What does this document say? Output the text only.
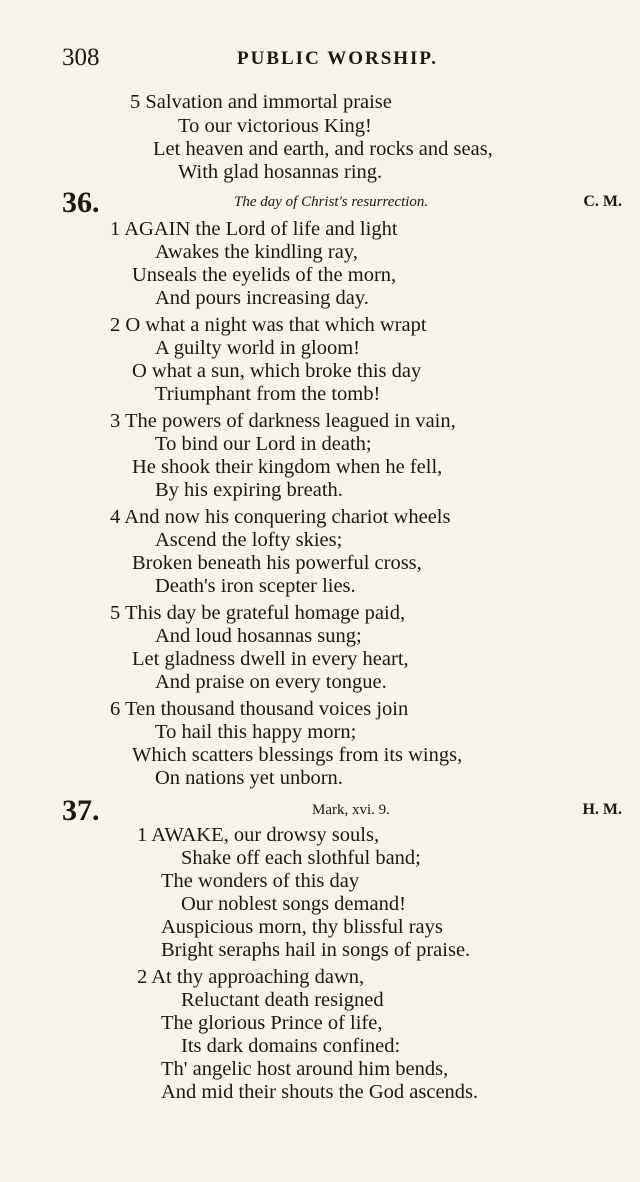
308	PUBLIC WORSHIP.
5 Salvation and immortal praise
To our victorious King!
Let heaven and earth, and rocks and seas,
With glad hosannas ring.
36.	The day of Christ's resurrection.	C. M.
1 AGAIN the Lord of life and light
Awakes the kindling ray,
Unseals the eyelids of the morn,
And pours increasing day.
2 O what a night was that which wrapt
A guilty world in gloom!
O what a sun, which broke this day
Triumphant from the tomb!
3 The powers of darkness leagued in vain,
To bind our Lord in death;
He shook their kingdom when he fell,
By his expiring breath.
4 And now his conquering chariot wheels
Ascend the lofty skies;
Broken beneath his powerful cross,
Death's iron scepter lies.
5 This day be grateful homage paid,
And loud hosannas sung;
Let gladness dwell in every heart,
And praise on every tongue.
6 Ten thousand thousand voices join
To hail this happy morn;
Which scatters blessings from its wings,
On nations yet unborn.
37.	Mark, xvi. 9.	H. M.
1 AWAKE, our drowsy souls,
Shake off each slothful band;
The wonders of this day
Our noblest songs demand!
Auspicious morn, thy blissful rays
Bright seraphs hail in songs of praise.
2 At thy approaching dawn,
Reluctant death resigned
The glorious Prince of life,
Its dark domains confined:
Th' angelic host around him bends,
And mid their shouts the God ascends.
